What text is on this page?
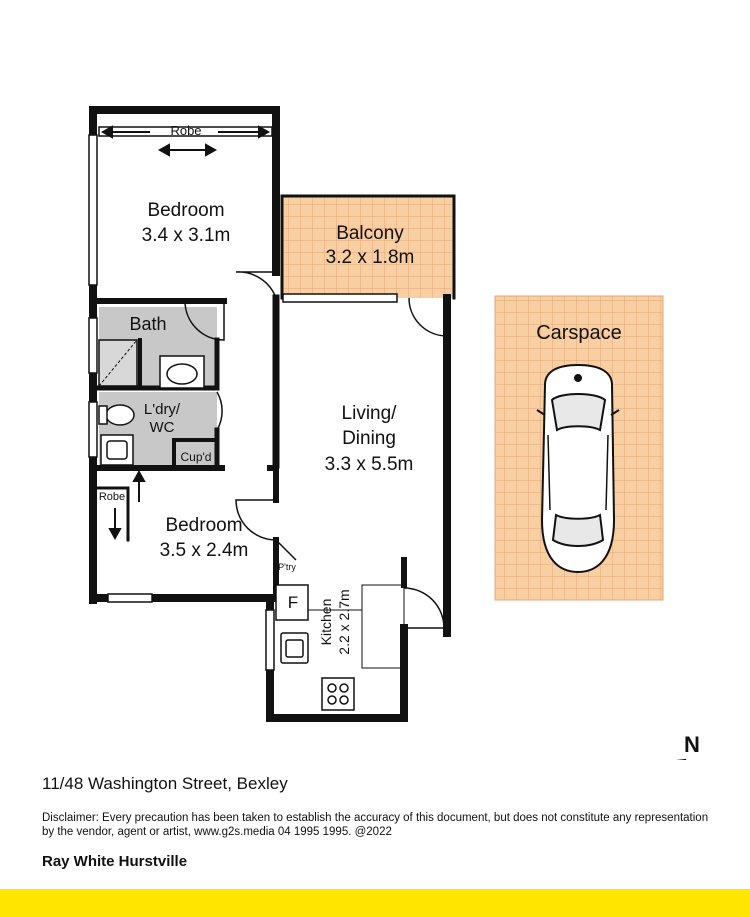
N
Robe
Bedroom
3.4 x 3.1m	Balcony
3.2 x 1.8m
Bath
L'dry/
WC
Cup'd
Living/
Dining
3.3 x 5.5m
Robe
Bedroom
3.5 x 2.4m
P'try
F Kitchen 2.2 x 2.7m
Carspace
11/48 Washington Street, Bexley
Disclaimer: Every precaution has been taken to establish the accuracy of this document, but does not constitute any representation by the vendor, agent or artist, www.g2s.media 04 1995 1995. @2022
Ray White Hurstville
